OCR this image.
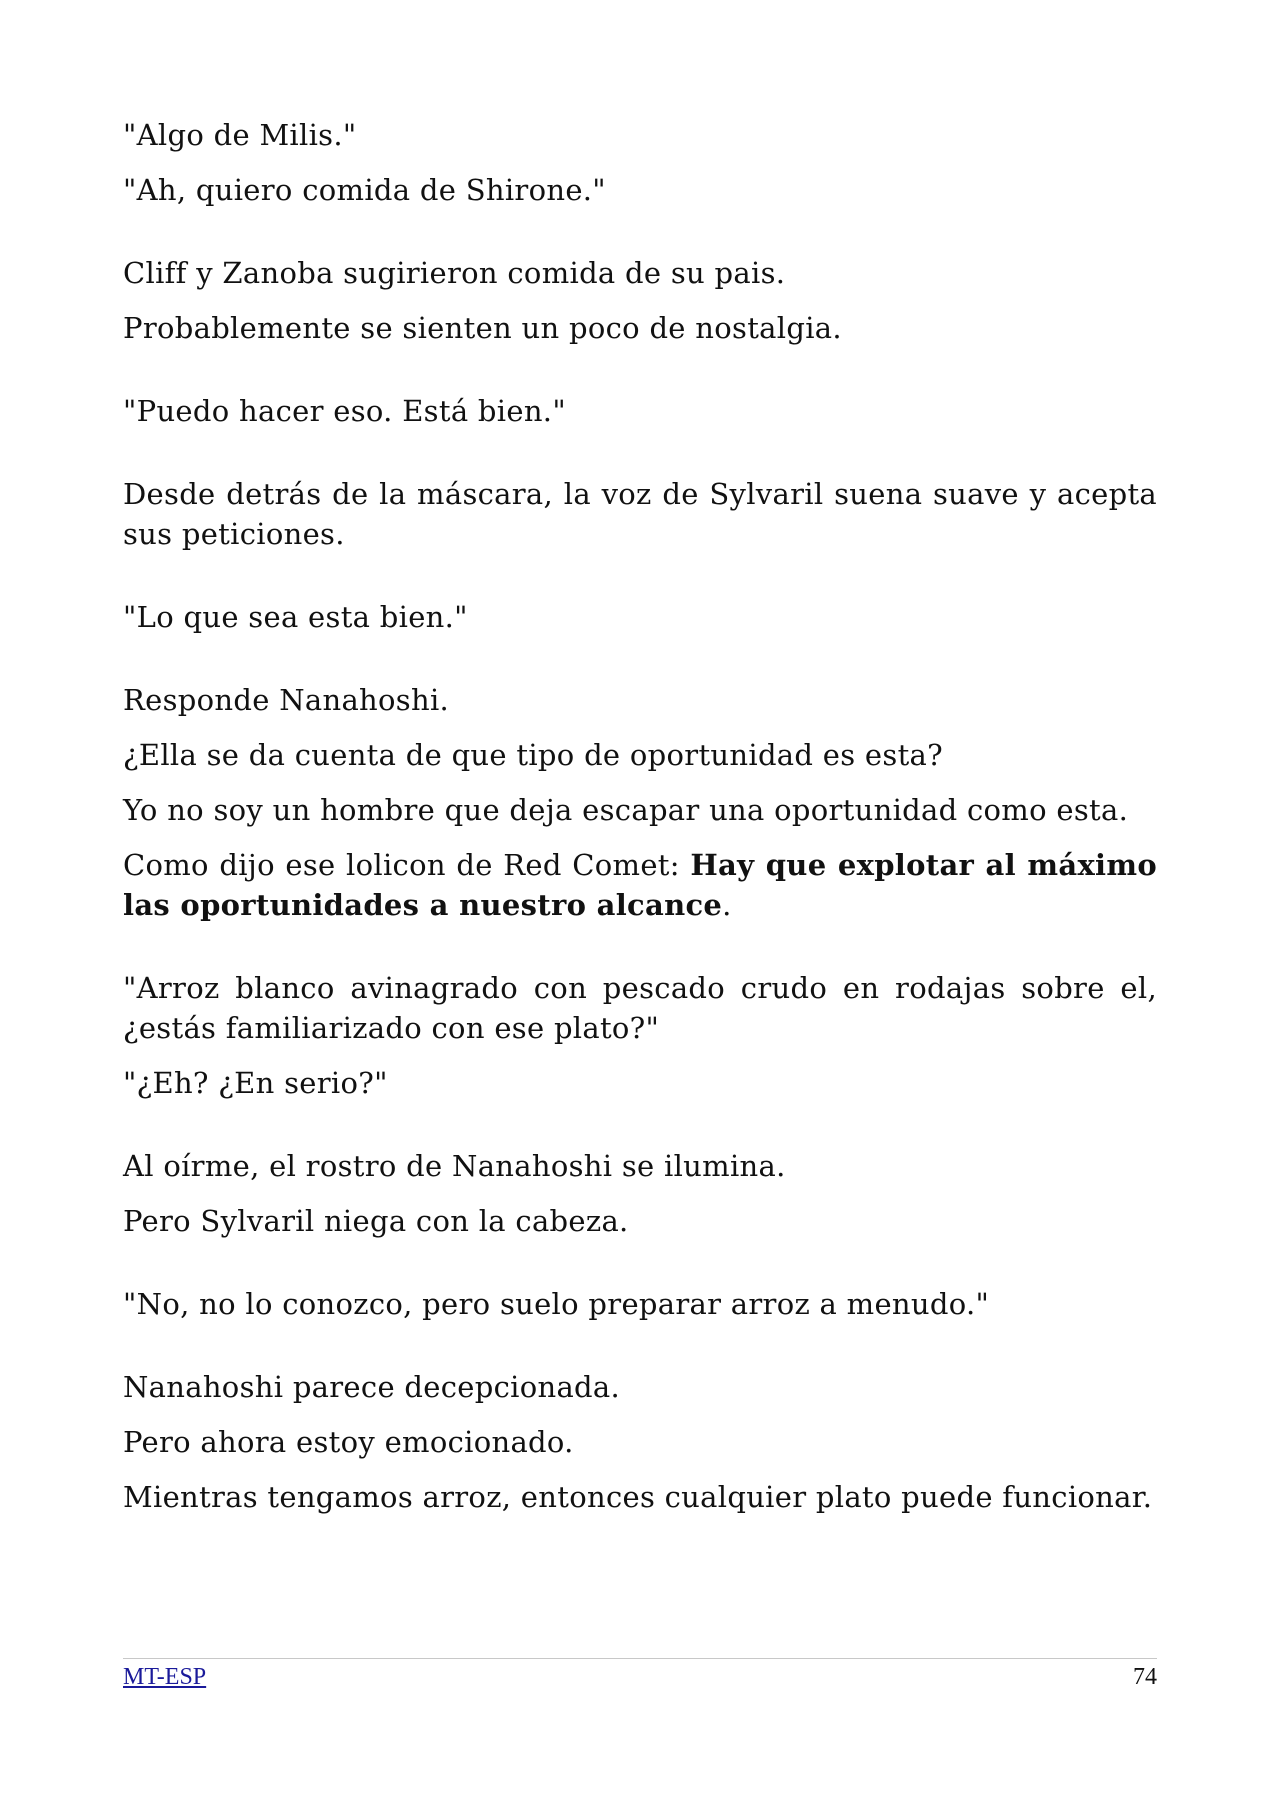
"Algo de Milis."

"Ah, quiero comida de Shirone."

Cliff y Zanoba sugirieron comida de su pais.

Probablemente se sienten un poco de nostalgia.

"Puedo hacer eso. Está bien."

Desde detrás de la máscara, la voz de Sylvaril suena suave y acepta sus peticiones.

"Lo que sea esta bien."

Responde Nanahoshi.

¿Ella se da cuenta de que tipo de oportunidad es esta?

Yo no soy un hombre que deja escapar una oportunidad como esta.

Como dijo ese lolicon de Red Comet: Hay que explotar al máximo las oportunidades a nuestro alcance.

"Arroz blanco avinagrado con pescado crudo en rodajas sobre el, ¿estás familiarizado con ese plato?"

"¿Eh? ¿En serio?"

Al oírme, el rostro de Nanahoshi se ilumina.

Pero Sylvaril niega con la cabeza.

"No, no lo conozco, pero suelo preparar arroz a menudo."

Nanahoshi parece decepcionada.

Pero ahora estoy emocionado.

Mientras tengamos arroz, entonces cualquier plato puede funcionar.

MT-ESP	74
